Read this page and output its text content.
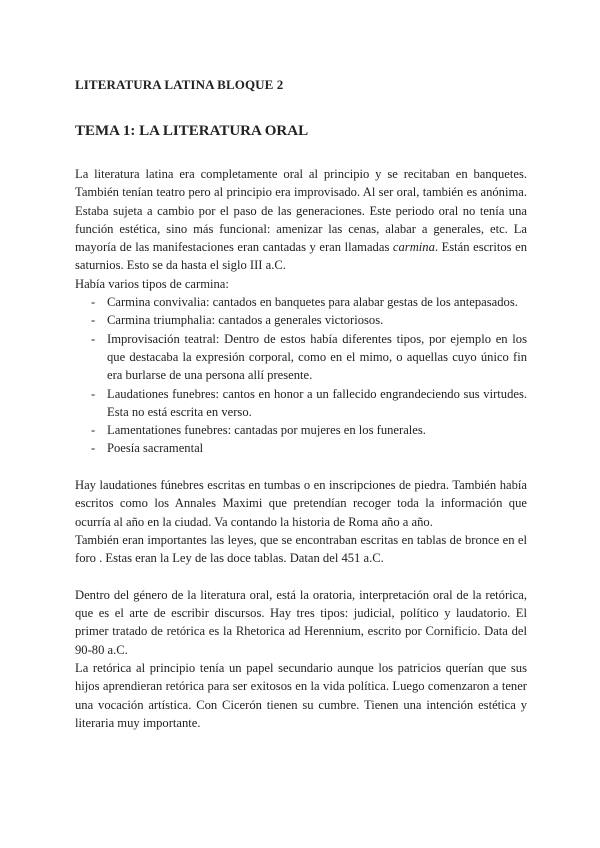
LITERATURA LATINA BLOQUE 2
TEMA 1: LA LITERATURA ORAL

La literatura latina era completamente oral al principio y se recitaban en banquetes. También tenían teatro pero al principio era improvisado. Al ser oral, también es anónima. Estaba sujeta a cambio por el paso de las generaciones. Este periodo oral no tenía una función estética, sino más funcional: amenizar las cenas, alabar a generales, etc. La mayoría de las manifestaciones eran cantadas y eran llamadas carmina. Están escritos en saturnios. Esto se da hasta el siglo III a.C.

Había varios tipos de carmina:

- Carmina convivalia: cantados en banquetes para alabar gestas de los antepasados.
- Carmina triumphalia: cantados a generales victoriosos.
- Improvisación teatral: Dentro de estos había diferentes tipos, por ejemplo en los que destacaba la expresión corporal, como en el mimo, o aquellas cuyo único fin era burlarse de una persona allí presente.
- Laudationes funebres: cantos en honor a un fallecido engrandeciendo sus virtudes. Esta no está escrita en verso.
- Lamentationes funebres: cantadas por mujeres en los funerales.
- Poesía sacramental

Hay laudationes fúnebres escritas en tumbas o en inscripciones de piedra. También había escritos como los Annales Maximi que pretendían recoger toda la información que ocurría al año en la ciudad. Va contando la historia de Roma año a año.

También eran importantes las leyes, que se encontraban escritas en tablas de bronce en el foro . Estas eran la Ley de las doce tablas. Datan del 451 a.C.

Dentro del género de la literatura oral, está la oratoria, interpretación oral de la retórica, que es el arte de escribir discursos. Hay tres tipos: judicial, político y laudatorio. El primer tratado de retórica es la Rhetorica ad Herennium, escrito por Cornificio. Data del 90-80 a.C.

La retórica al principio tenía un papel secundario aunque los patricios querían que sus hijos aprendieran retórica para ser exitosos en la vida política. Luego comenzaron a tener una vocación artística. Con Cicerón tienen su cumbre. Tienen una intención estética y literaria muy importante.
